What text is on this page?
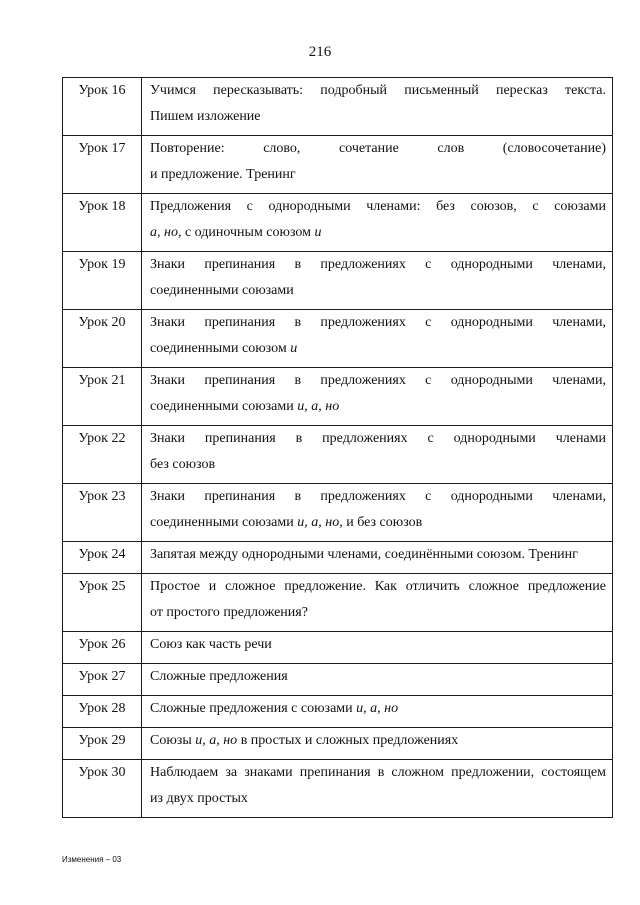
216
Урок 16	Учимся пересказывать: подробный письменный пересказ текста.
Пишем изложение

Урок 17	Повторение: слово, сочетание слов (словосочетание)
и предложение. Тренинг

Урок 18	Предложения с однородными членами: без союзов, с союзами
а, но, с одиночным союзом и

Урок 19	Знаки препинания в предложениях с однородными членами,
соединенными союзами

Урок 20	Знаки препинания в предложениях с однородными членами,
соединенными союзом и

Урок 21	Знаки препинания в предложениях с однородными членами,
соединенными союзами и, а, но

Урок 22	Знаки препинания в предложениях с однородными членами
без союзов

Урок 23	Знаки препинания в предложениях с однородными членами,
соединенными союзами и, а, но, и без союзов

Урок 24	Запятая между однородными членами, соединёнными союзом. Тренинг

Урок 25	Простое и сложное предложение. Как отличить сложное предложение
от простого предложения?

Урок 26	Союз как часть речи

Урок 27	Сложные предложения

Урок 28	Сложные предложения с союзами и, а, но

Урок 29	Союзы и, а, но в простых и сложных предложениях

Урок 30	Наблюдаем за знаками препинания в сложном предложении, состоящем
из двух простых
Изменения – 03
